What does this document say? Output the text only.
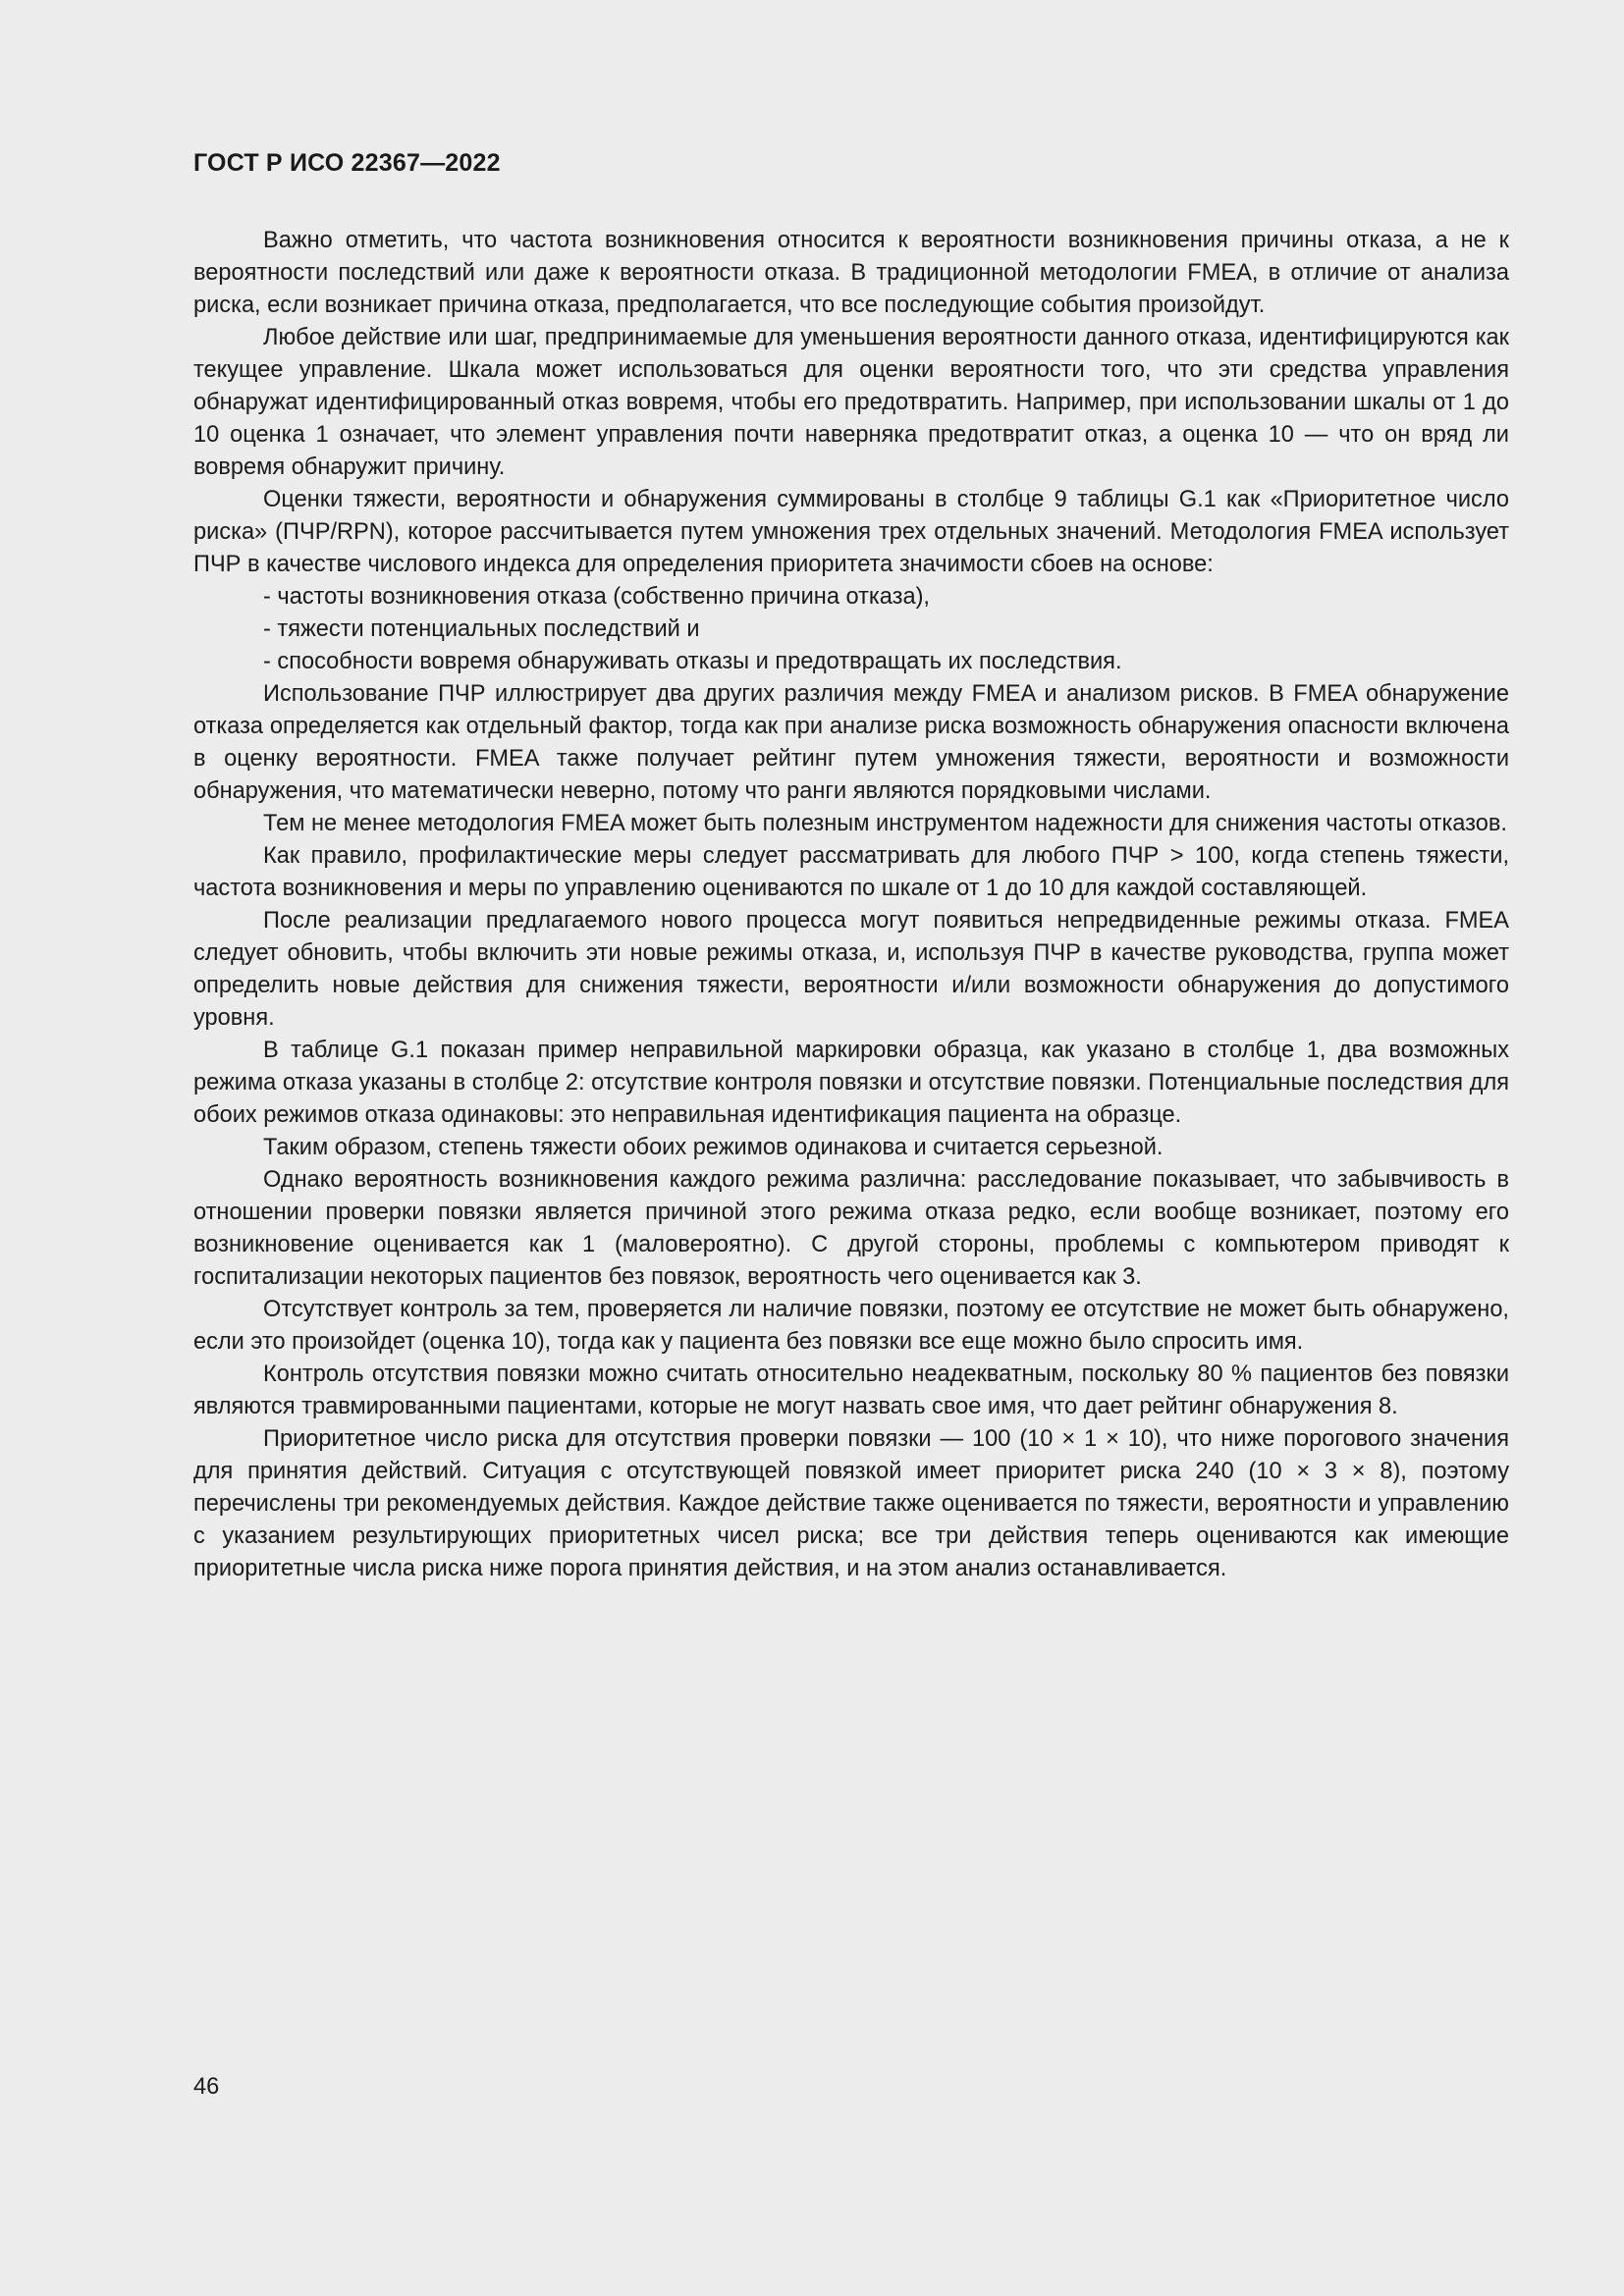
ГОСТ Р ИСО 22367—2022

Важно отметить, что частота возникновения относится к вероятности возникновения причины отказа, а не к вероятности последствий или даже к вероятности отказа. В традиционной методологии FMEA, в отличие от анализа риска, если возникает причина отказа, предполагается, что все последующие события произойдут.

Любое действие или шаг, предпринимаемые для уменьшения вероятности данного отказа, идентифицируются как текущее управление. Шкала может использоваться для оценки вероятности того, что эти средства управления обнаружат идентифицированный отказ вовремя, чтобы его предотвратить. Например, при использовании шкалы от 1 до 10 оценка 1 означает, что элемент управления почти наверняка предотвратит отказ, а оценка 10 — что он вряд ли вовремя обнаружит причину.

Оценки тяжести, вероятности и обнаружения суммированы в столбце 9 таблицы G.1 как «Приоритетное число риска» (ПЧР/RPN), которое рассчитывается путем умножения трех отдельных значений. Методология FMEA использует ПЧР в качестве числового индекса для определения приоритета значимости сбоев на основе:

- частоты возникновения отказа (собственно причина отказа),
- тяжести потенциальных последствий и
- способности вовремя обнаруживать отказы и предотвращать их последствия.

Использование ПЧР иллюстрирует два других различия между FMEA и анализом рисков. В FMEA обнаружение отказа определяется как отдельный фактор, тогда как при анализе риска возможность обнаружения опасности включена в оценку вероятности. FMEA также получает рейтинг путем умножения тяжести, вероятности и возможности обнаружения, что математически неверно, потому что ранги являются порядковыми числами.

Тем не менее методология FMEA может быть полезным инструментом надежности для снижения частоты отказов.

Как правило, профилактические меры следует рассматривать для любого ПЧР > 100, когда степень тяжести, частота возникновения и меры по управлению оцениваются по шкале от 1 до 10 для каждой составляющей.

После реализации предлагаемого нового процесса могут появиться непредвиденные режимы отказа. FMEA следует обновить, чтобы включить эти новые режимы отказа, и, используя ПЧР в качестве руководства, группа может определить новые действия для снижения тяжести, вероятности и/или возможности обнаружения до допустимого уровня.

В таблице G.1 показан пример неправильной маркировки образца, как указано в столбце 1, два возможных режима отказа указаны в столбце 2: отсутствие контроля повязки и отсутствие повязки. Потенциальные последствия для обоих режимов отказа одинаковы: это неправильная идентификация пациента на образце.

Таким образом, степень тяжести обоих режимов одинакова и считается серьезной.

Однако вероятность возникновения каждого режима различна: расследование показывает, что забывчивость в отношении проверки повязки является причиной этого режима отказа редко, если вообще возникает, поэтому его возникновение оценивается как 1 (маловероятно). С другой стороны, проблемы с компьютером приводят к госпитализации некоторых пациентов без повязок, вероятность чего оценивается как 3.

Отсутствует контроль за тем, проверяется ли наличие повязки, поэтому ее отсутствие не может быть обнаружено, если это произойдет (оценка 10), тогда как у пациента без повязки все еще можно было спросить имя.

Контроль отсутствия повязки можно считать относительно неадекватным, поскольку 80 % пациентов без повязки являются травмированными пациентами, которые не могут назвать свое имя, что дает рейтинг обнаружения 8.

Приоритетное число риска для отсутствия проверки повязки — 100 (10 × 1 × 10), что ниже порогового значения для принятия действий. Ситуация с отсутствующей повязкой имеет приоритет риска 240 (10 × 3 × 8), поэтому перечислены три рекомендуемых действия. Каждое действие также оценивается по тяжести, вероятности и управлению с указанием результирующих приоритетных чисел риска; все три действия теперь оцениваются как имеющие приоритетные числа риска ниже порога принятия действия, и на этом анализ останавливается.

46
